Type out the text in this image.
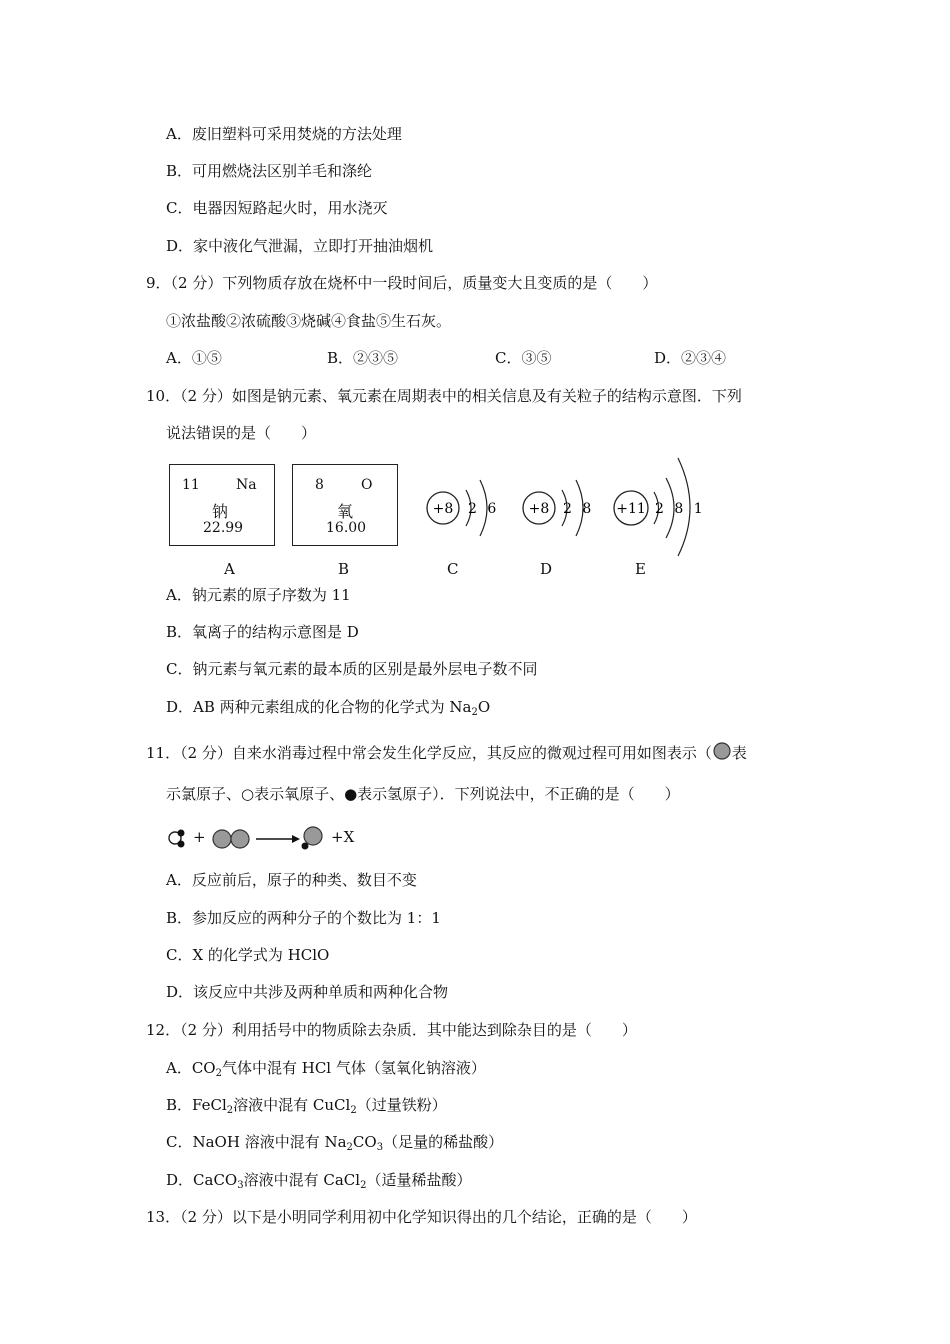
A．废旧塑料可采用焚烧的方法处理
B．可用燃烧法区别羊毛和涤纶
C．电器因短路起火时，用水浇灭
D．家中液化气泄漏，立即打开抽油烟机
9．（2 分）下列物质存放在烧杯中一段时间后，质量变大且变质的是（　　）
①浓盐酸②浓硫酸③烧碱④食盐⑤生石灰。
A．①⑤	B．②③⑤	C．③⑤	D．②③④
10．（2 分）如图是钠元素、氧元素在周期表中的相关信息及有关粒子的结构示意图．下列
说法错误的是（　　）
11	Na
钠
22.99
8	O
氧
16.00
+8 2 6 +8 2 8 +11 2 8 1
A	B	C	D	E
A．钠元素的原子序数为 11
B．氧离子的结构示意图是 D
C．钠元素与氧元素的最本质的区别是最外层电子数不同
D．AB 两种元素组成的化合物的化学式为 $Na_2O$
11．（2 分）自来水消毒过程中常会发生化学反应，其反应的微观过程可用如图表示（ 表
示氯原子、○表示氧原子、●表示氢原子）．下列说法中，不正确的是（　　）
+	+X
A．反应前后，原子的种类、数目不变
B．参加反应的两种分子的个数比为 1：1
C．X 的化学式为 HClO
D．该反应中共涉及两种单质和两种化合物
12．（2 分）利用括号中的物质除去杂质．其中能达到除杂目的是（　　）
A．$CO_2$气体中混有 HCl 气体（氢氧化钠溶液）
B．FeCl$_2$溶液中混有 CuCl$_2$（过量铁粉）
C．NaOH 溶液中混有 $Na_2CO_3$（足量的稀盐酸）
D．CaCO$_3$溶液中混有 CaCl$_2$（适量稀盐酸）
13．（2 分）以下是小明同学利用初中化学知识得出的几个结论，正确的是（　　）
